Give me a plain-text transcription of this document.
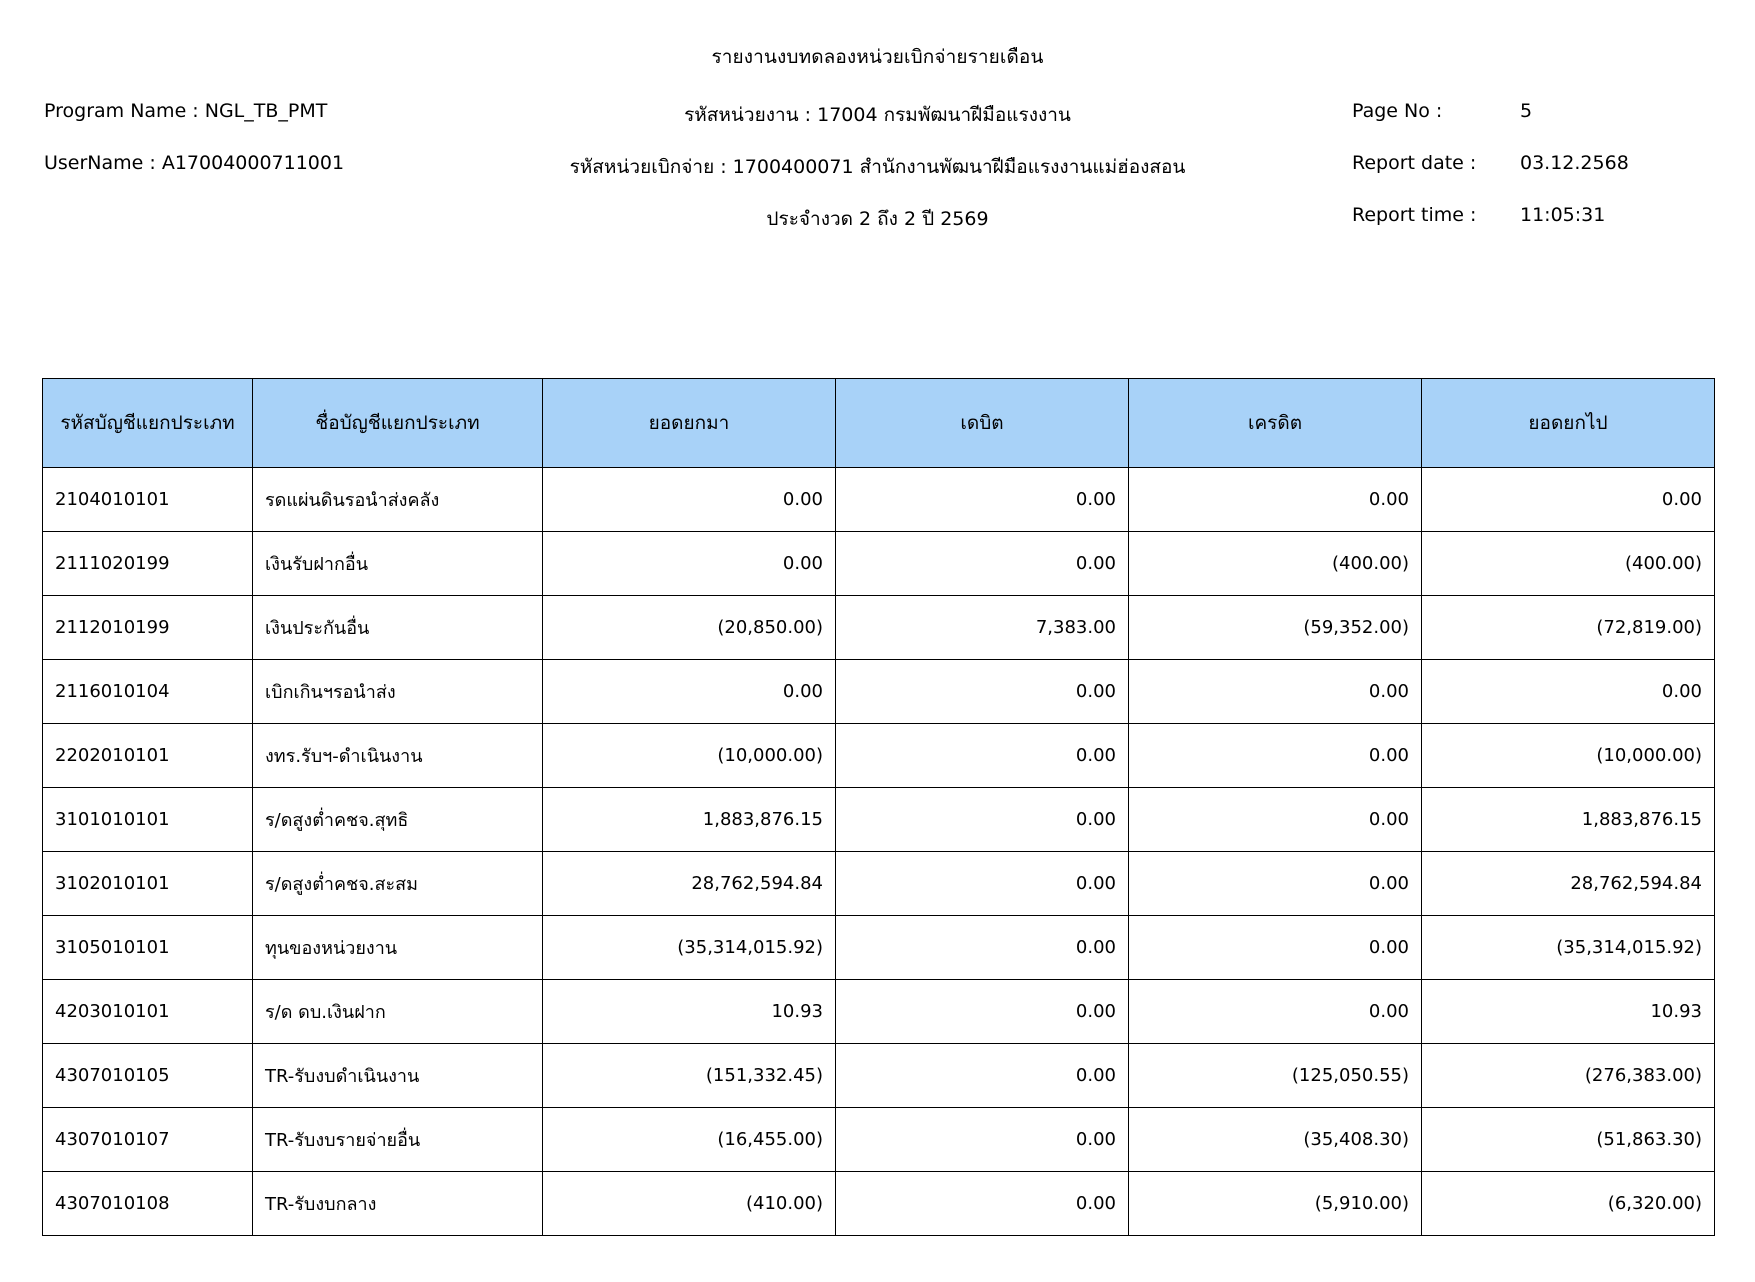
รายงานงบทดลองหน่วยเบิกจ่ายรายเดือน
Program Name : NGL_TB_PMT	รหัสหน่วยงาน : 17004 กรมพัฒนาฝีมือแรงงาน	Page No :	5
UserName : A17004000711001	รหัสหน่วยเบิกจ่าย : 1700400071 สำนักงานพัฒนาฝีมือแรงงานแม่ฮ่องสอน	Report date : 03.12.2568
ประจำงวด 2 ถึง 2 ปี 2569	Report time : 11:05:31
รหัสบัญชีแยกประเภท	ชื่อบัญชีแยกประเภท	ยอดยกมา	เดบิต	เครดิต	ยอดยกไป
2104010101	รดแผ่นดินรอนำส่งคลัง	0.00	0.00	0.00	0.00
2111020199	เงินรับฝากอื่น	0.00	0.00	(400.00)	(400.00)
2112010199	เงินประกันอื่น	(20,850.00)	7,383.00	(59,352.00)	(72,819.00)
2116010104	เบิกเกินฯรอนำส่ง	0.00	0.00	0.00	0.00
2202010101	งทร.รับฯ-ดำเนินงาน	(10,000.00)	0.00	0.00	(10,000.00)
3101010101	ร/ดสูงต่ำคชจ.สุทธิ	1,883,876.15	0.00	0.00	1,883,876.15
3102010101	ร/ดสูงต่ำคชจ.สะสม	28,762,594.84	0.00	0.00	28,762,594.84
3105010101	ทุนของหน่วยงาน	(35,314,015.92)	0.00	0.00	(35,314,015.92)
4203010101	ร/ด ดบ.เงินฝาก	10.93	0.00	0.00	10.93
4307010105	TR-รับงบดำเนินงาน	(151,332.45)	0.00	(125,050.55)	(276,383.00)
4307010107	TR-รับงบรายจ่ายอื่น	(16,455.00)	0.00	(35,408.30)	(51,863.30)
4307010108	TR-รับงบกลาง	(410.00)	0.00	(5,910.00)	(6,320.00)
